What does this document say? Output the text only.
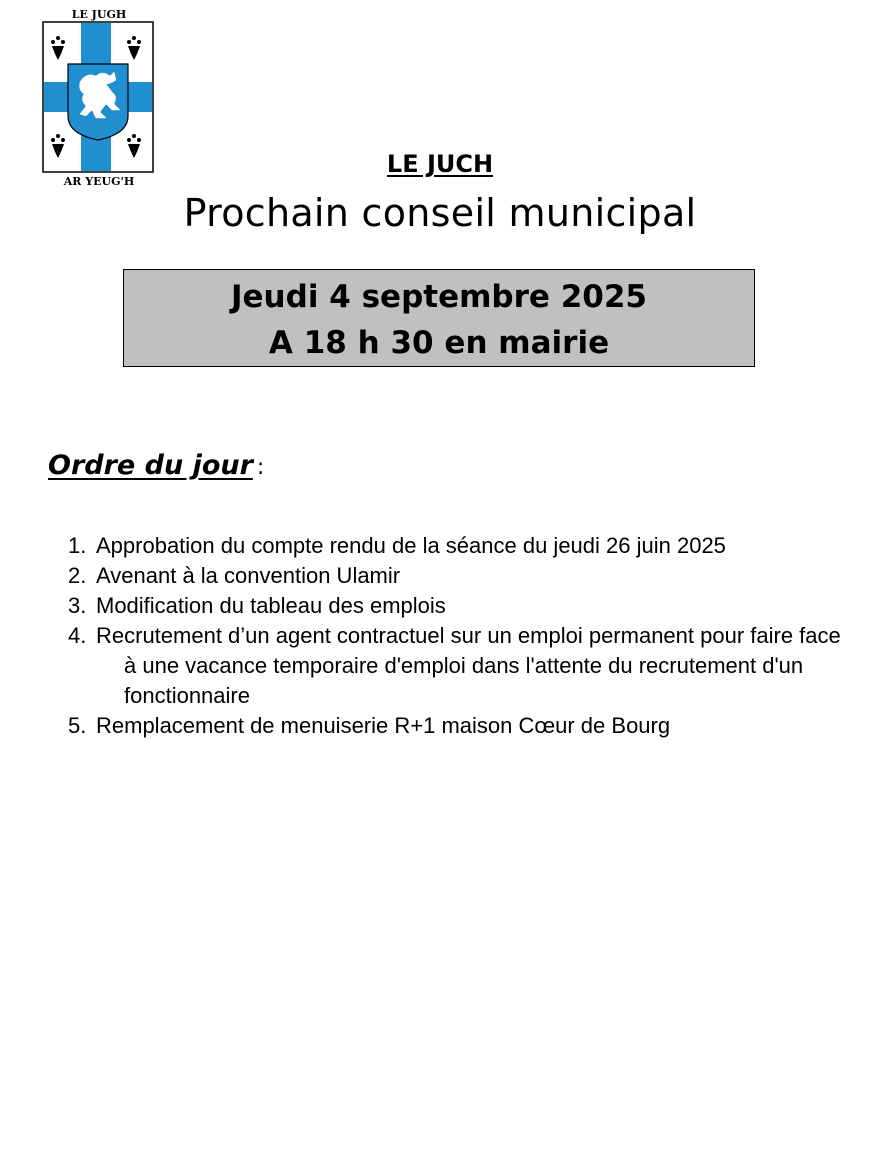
LE JUGH
AR YEUG'H
LE JUCH
Prochain conseil municipal
Jeudi 4 septembre 2025
A 18 h 30 en mairie
Ordre du jour :
1. Approbation du compte rendu de la séance du jeudi 26 juin 2025
2. Avenant à la convention Ulamir
3. Modification du tableau des emplois
4. Recrutement d’un agent contractuel sur un emploi permanent pour faire face à une vacance temporaire d'emploi dans l'attente du recrutement d'un fonctionnaire
5. Remplacement de menuiserie R+1 maison Cœur de Bourg
